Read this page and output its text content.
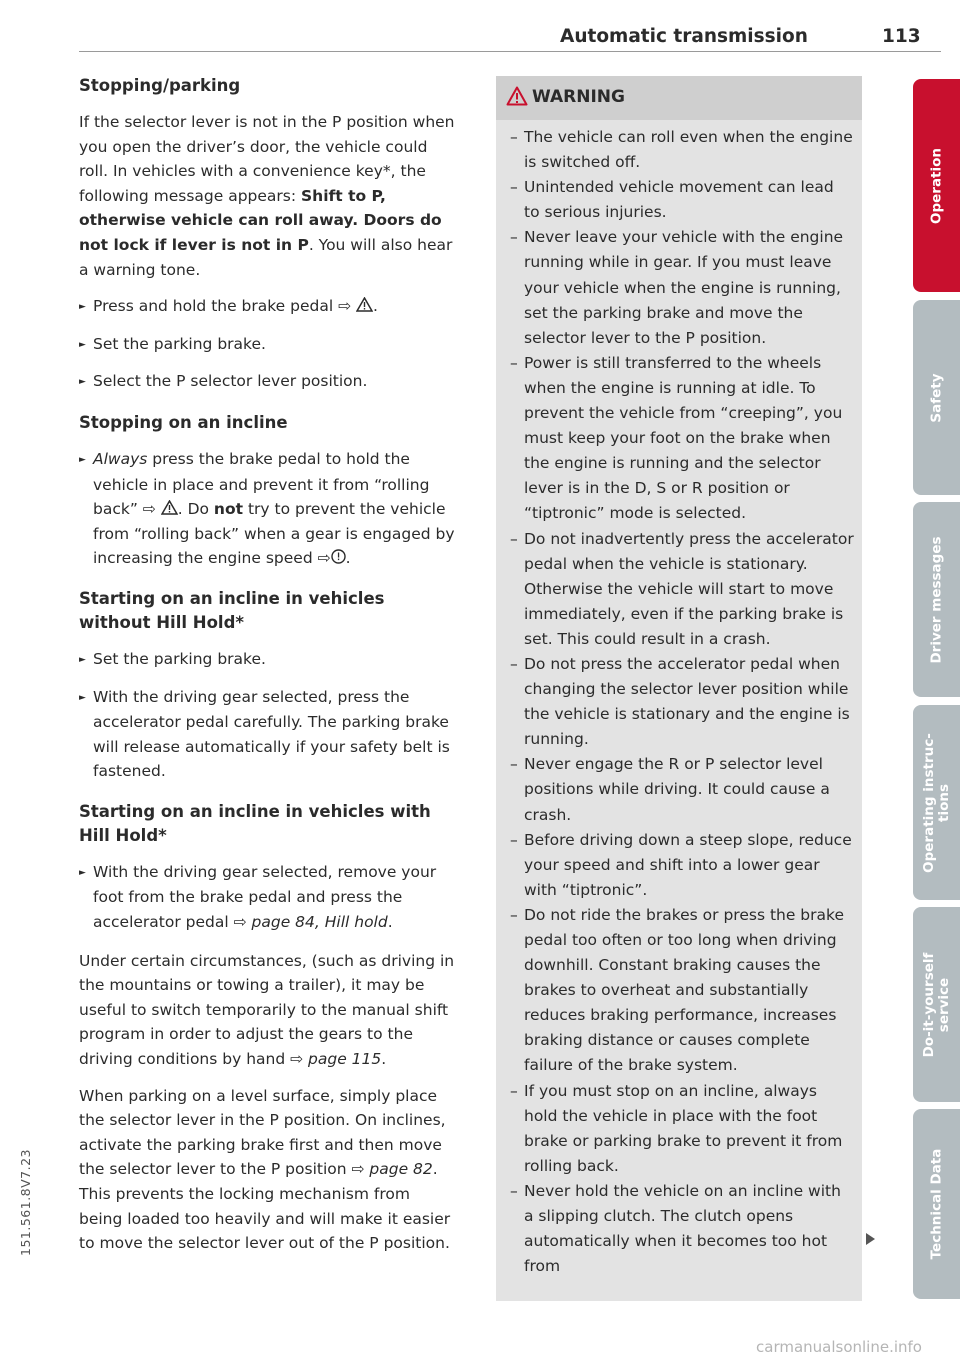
Automatic transmission	113
Stopping/parking

If the selector lever is not in the P position when you open the driver’s door, the vehicle could roll. In vehicles with a convenience key*, the following message appears: Shift to P, otherwise vehicle can roll away. Doors do not lock if lever is not in P. You will also hear a warning tone.

► Press and hold the brake pedal ⇨ .

► Set the parking brake.

► Select the P selector lever position.

Stopping on an incline

► Always press the brake pedal to hold the vehicle in place and prevent it from “rolling back” ⇨ . Do not try to prevent the vehicle from “rolling back” when a gear is engaged by increasing the engine speed ⇨ .

Starting on an incline in vehicles without Hill Hold*

► Set the parking brake.

► With the driving gear selected, press the accelerator pedal carefully. The parking brake will release automatically if your safety belt is fastened.

Starting on an incline in vehicles with Hill Hold*

► With the driving gear selected, remove your foot from the brake pedal and press the accelerator pedal ⇨ page 84, Hill hold.

Under certain circumstances, (such as driving in the mountains or towing a trailer), it may be useful to switch temporarily to the manual shift program in order to adjust the gears to the driving conditions by hand ⇨ page 115.

When parking on a level surface, simply place the selector lever in the P position. On inclines, activate the parking brake first and then move the selector lever to the P position ⇨ page 82. This prevents the locking mechanism from being loaded too heavily and will make it easier to move the selector lever out of the P position.

WARNING
– The vehicle can roll even when the engine is switched off.
– Unintended vehicle movement can lead to serious injuries.
– Never leave your vehicle with the engine running while in gear. If you must leave your vehicle when the engine is running, set the parking brake and move the selector lever to the P position.
– Power is still transferred to the wheels when the engine is running at idle. To prevent the vehicle from “creeping”, you must keep your foot on the brake when the engine is running and the selector lever is in the D, S or R position or “tiptronic” mode is selected.
– Do not inadvertently press the accelerator pedal when the vehicle is stationary. Otherwise the vehicle will start to move immediately, even if the parking brake is set. This could result in a crash.
– Do not press the accelerator pedal when changing the selector lever position while the vehicle is stationary and the engine is running.
– Never engage the R or P selector level positions while driving. It could cause a crash.
– Before driving down a steep slope, reduce your speed and shift into a lower gear with “tiptronic”.
– Do not ride the brakes or press the brake pedal too often or too long when driving downhill. Constant braking causes the brakes to overheat and substantially reduces braking performance, increases braking distance or causes complete failure of the brake system.
– If you must stop on an incline, always hold the vehicle in place with the foot brake or parking brake to prevent it from rolling back.
– Never hold the vehicle on an incline with a slipping clutch. The clutch opens automatically when it becomes too hot from
Operation
Safety
Driver messages
Operating instruc-
tions
Do-it-yourself
service
Technical Data
151.561.8V7.23
carmanualsonline.info
